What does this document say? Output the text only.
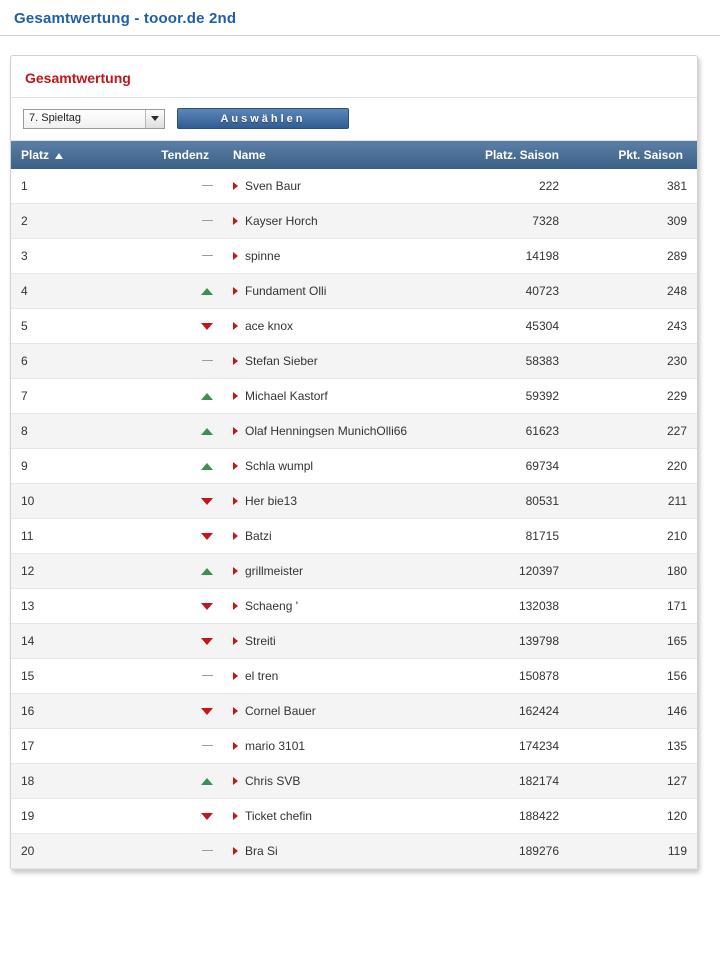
Gesamtwertung - tooor.de 2nd
Gesamtwertung
7. Spieltag	Auswählen
Platz	Tendenz	Name	Platz. Saison	Pkt. Saison
1		Sven Baur	222	381
2		Kayser Horch	7328	309
3		spinne	14198	289
4		Fundament Olli	40723	248
5		ace knox	45304	243
6		Stefan Sieber	58383	230
7		Michael Kastorf	59392	229
8		Olaf Henningsen MunichOlli66	61623	227
9		Schla wumpl	69734	220
10		Her bie13	80531	211
11		Batzi	81715	210
12		grillmeister	120397	180
13		Schaeng '	132038	171
14		Streiti	139798	165
15		el tren	150878	156
16		Cornel Bauer	162424	146
17		mario 3101	174234	135
18		Chris SVB	182174	127
19		Ticket chefin	188422	120
20		Bra Si	189276	119
